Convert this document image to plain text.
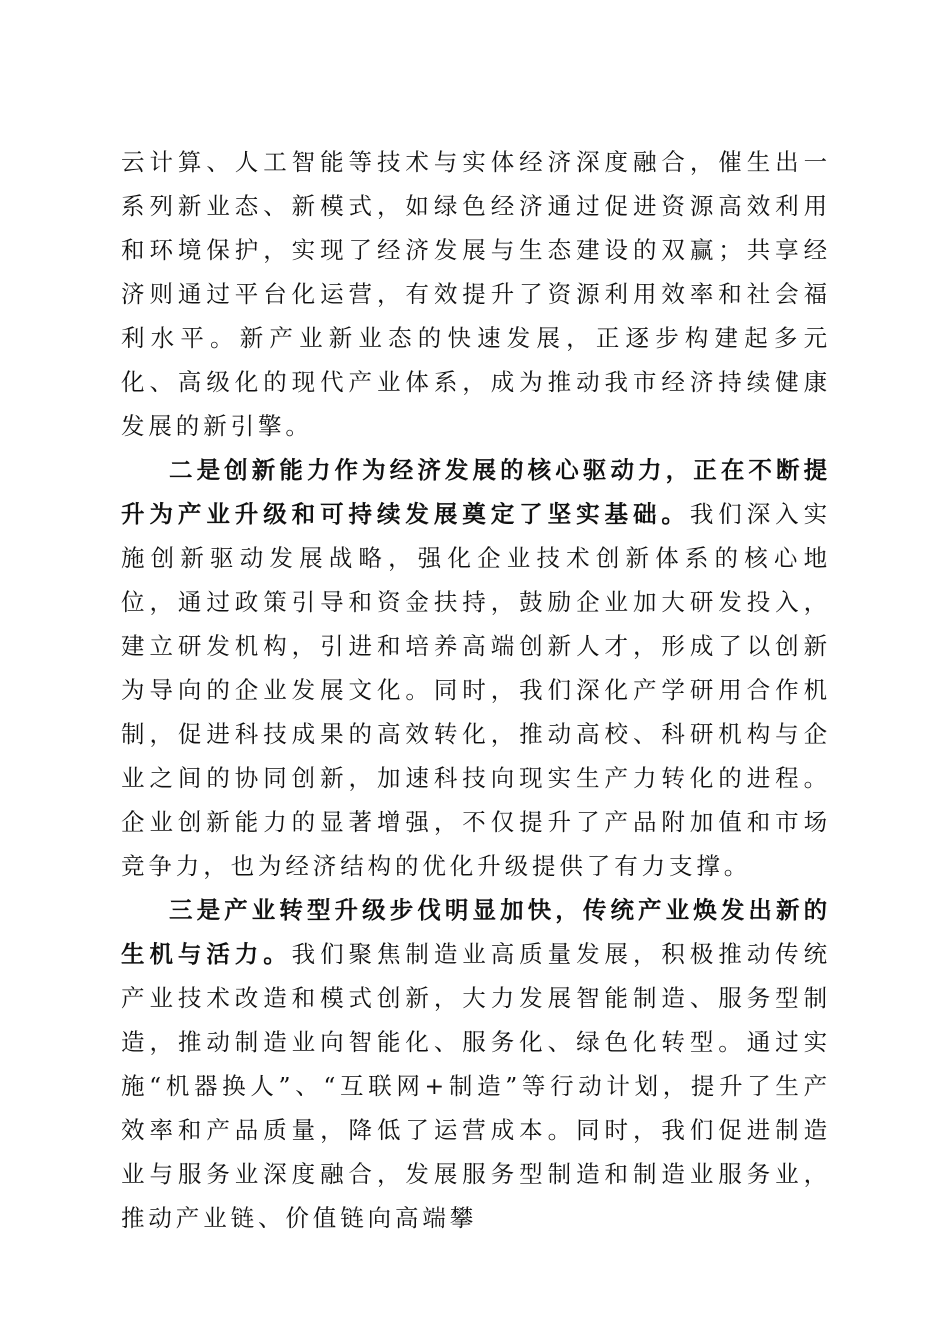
云计算、人工智能等技术与实体经济深度融合，催生出一系列新业态、新模式，如绿色经济通过促进资源高效利用和环境保护，实现了经济发展与生态建设的双赢；共享经济则通过平台化运营，有效提升了资源利用效率和社会福利水平。新产业新业态的快速发展，正逐步构建起多元化、高级化的现代产业体系，成为推动我市经济持续健康发展的新引擎。

二是创新能力作为经济发展的核心驱动力，正在不断提升为产业升级和可持续发展奠定了坚实基础。我们深入实施创新驱动发展战略，强化企业技术创新体系的核心地位，通过政策引导和资金扶持，鼓励企业加大研发投入，建立研发机构，引进和培养高端创新人才，形成了以创新为导向的企业发展文化。同时，我们深化产学研用合作机制，促进科技成果的高效转化，推动高校、科研机构与企业之间的协同创新，加速科技向现实生产力转化的进程。企业创新能力的显著增强，不仅提升了产品附加值和市场竞争力，也为经济结构的优化升级提供了有力支撑。

三是产业转型升级步伐明显加快，传统产业焕发出新的生机与活力。我们聚焦制造业高质量发展，积极推动传统产业技术改造和模式创新，大力发展智能制造、服务型制造，推动制造业向智能化、服务化、绿色化转型。通过实施“机器换人”、“互联网+制造”等行动计划，提升了生产效率和产品质量，降低了运营成本。同时，我们促进制造业与服务业深度融合，发展服务型制造和制造业服务业，推动产业链、价值链向高端攀
